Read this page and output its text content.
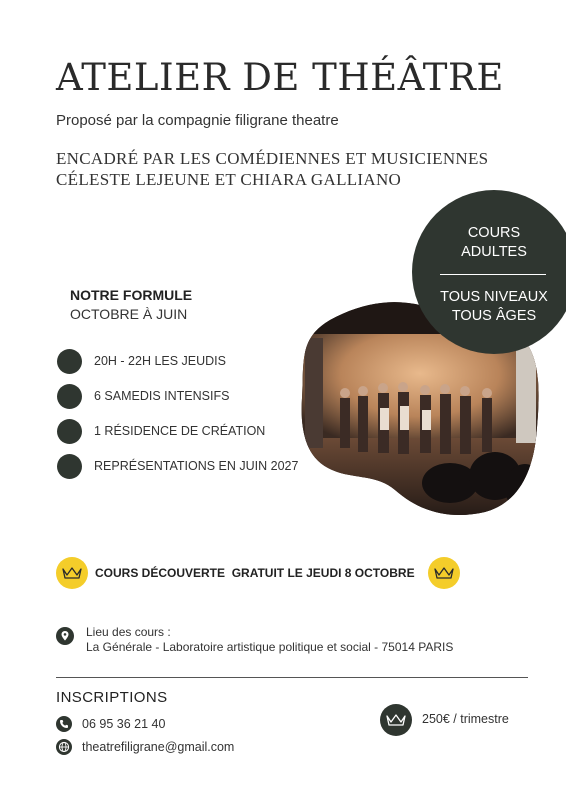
ATELIER DE THÉÂTRE
Proposé par la compagnie filigrane theatre
ENCADRÉ PAR LES COMÉDIENNES ET MUSICIENNES
CÉLESTE LEJEUNE ET CHIARA GALLIANO
COURS
ADULTES
TOUS NIVEAUX
TOUS ÂGES
NOTRE FORMULE
OCTOBRE À JUIN
20H - 22H LES JEUDIS
6 SAMEDIS INTENSIFS
1 RÉSIDENCE DE CRÉATION
REPRÉSENTATIONS EN JUIN 2027
COURS DÉCOUVERTE GRATUIT LE JEUDI 8 OCTOBRE
Lieu des cours :
La Générale - Laboratoire artistique politique et social - 75014 PARIS
INSCRIPTIONS
06 95 36 21 40
theatrefiligrane@gmail.com
250€ / trimestre
